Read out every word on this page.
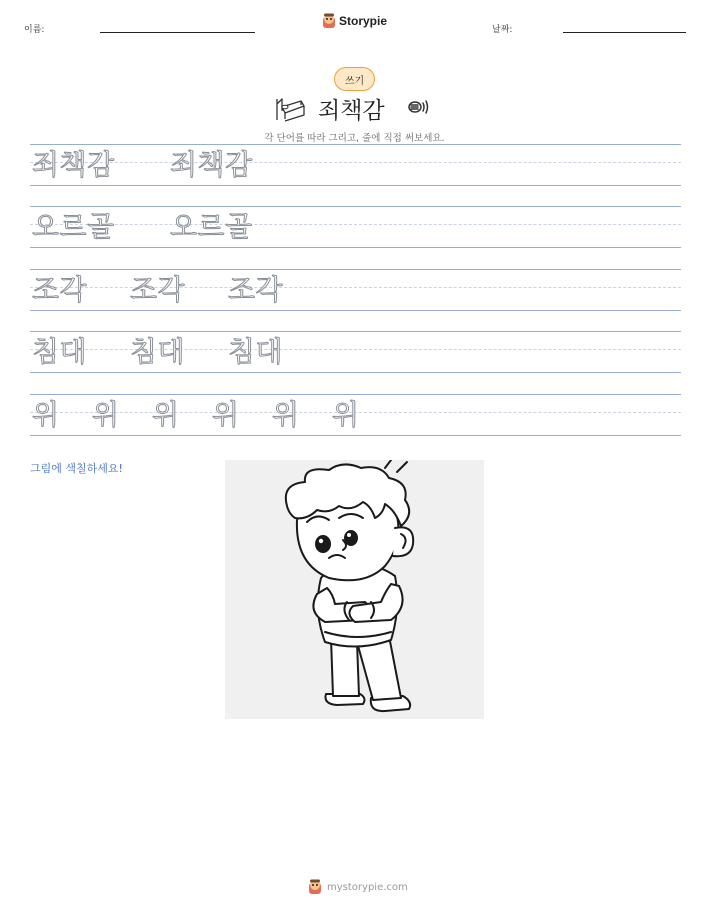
이름:
Storypie
날짜:
쓰기
죄책감
각 단어를 따라 그리고, 줄에 직접 써보세요.
죄책감	죄책감
오르골	오르골
조각	조각	조각
침대	침대	침대
위	위	위	위	위	위
그림에 색칠하세요!
mystorypie.com
